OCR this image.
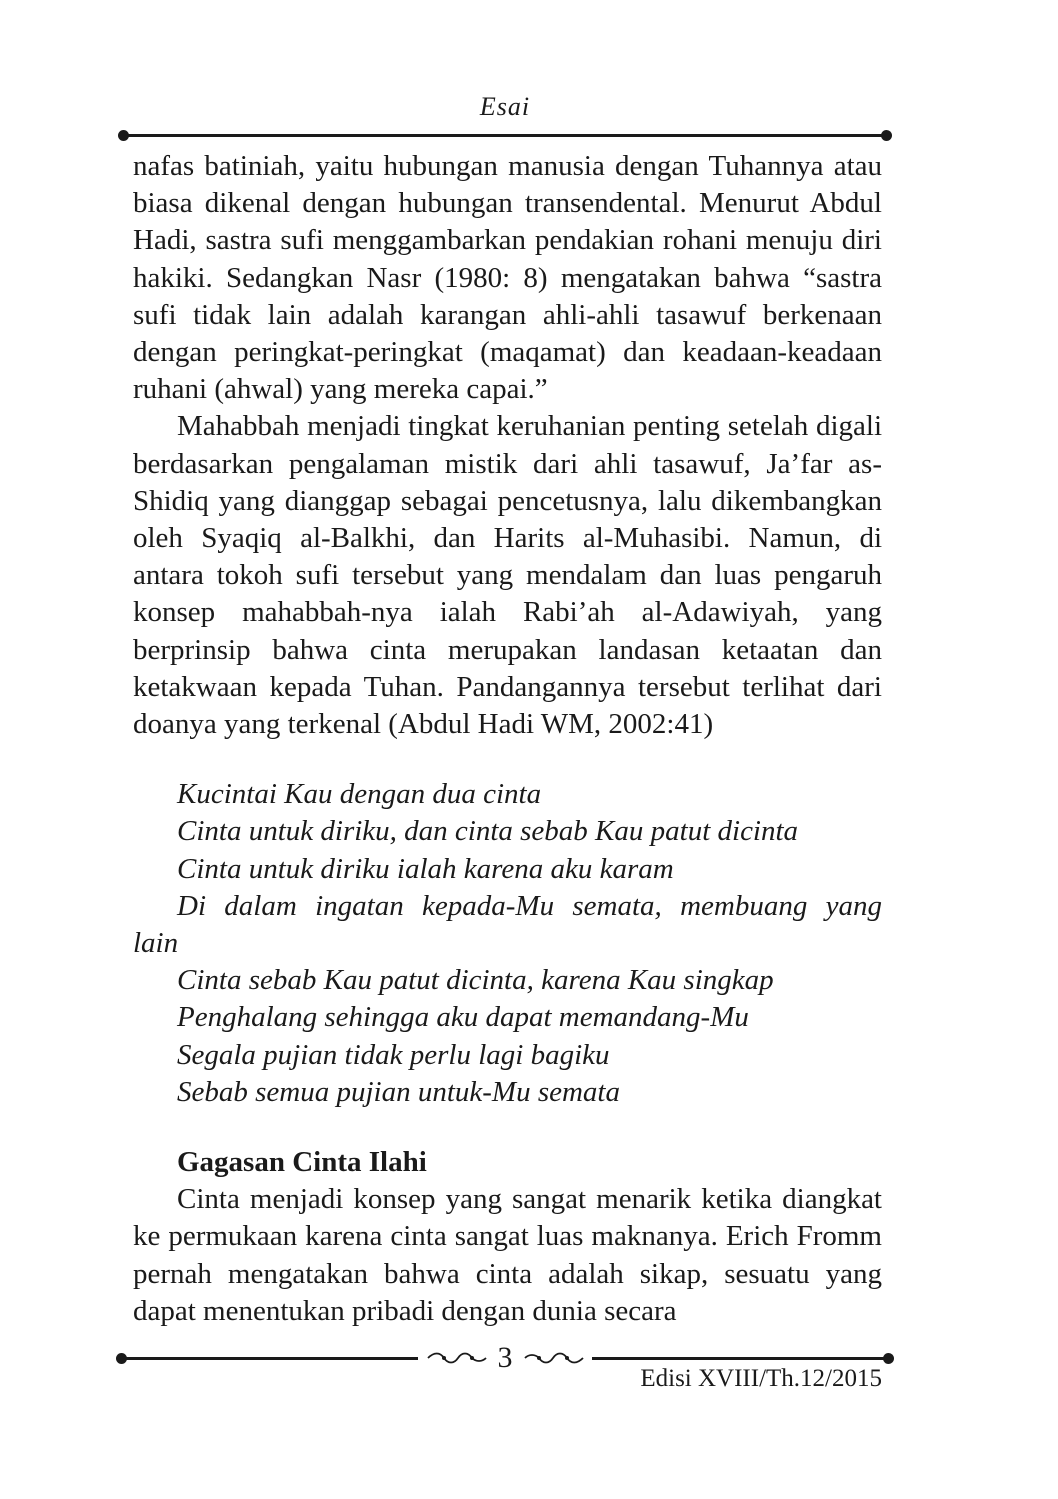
Esai

nafas batiniah, yaitu hubungan manusia dengan Tuhannya atau biasa dikenal dengan hubungan transendental. Menurut Abdul Hadi, sastra sufi menggambarkan pendakian rohani menuju diri hakiki. Sedangkan Nasr (1980: 8) mengatakan bahwa “sastra sufi tidak lain adalah karangan ahli-ahli tasawuf berkenaan dengan peringkat-peringkat (maqamat) dan keadaan-keadaan ruhani (ahwal) yang mereka capai.”

Mahabbah menjadi tingkat keruhanian penting setelah digali berdasarkan pengalaman mistik dari ahli tasawuf, Ja’far as-Shidiq yang dianggap sebagai pencetusnya, lalu dikembangkan oleh Syaqiq al-Balkhi, dan Harits al-Muhasibi. Namun, di antara tokoh sufi tersebut yang mendalam dan luas pengaruh konsep mahabbah-nya ialah Rabi’ah al-Adawiyah, yang berprinsip bahwa cinta merupakan landasan ketaatan dan ketakwaan kepada Tuhan. Pandangannya tersebut terlihat dari doanya yang terkenal (Abdul Hadi WM, 2002:41)

Kucintai Kau dengan dua cinta

Cinta untuk diriku, dan cinta sebab Kau patut dicinta

Cinta untuk diriku ialah karena aku karam

Di dalam ingatan kepada-Mu semata, membuang yang
lain

Cinta sebab Kau patut dicinta, karena Kau singkap

Penghalang sehingga aku dapat memandang-Mu

Segala pujian tidak perlu lagi bagiku

Sebab semua pujian untuk-Mu semata

Gagasan Cinta Ilahi

Cinta menjadi konsep yang sangat menarik ketika diangkat ke permukaan karena cinta sangat luas maknanya. Erich Fromm pernah mengatakan bahwa cinta adalah sikap, sesuatu yang dapat menentukan pribadi dengan dunia secara

3
Edisi XVIII/Th.12/2015
